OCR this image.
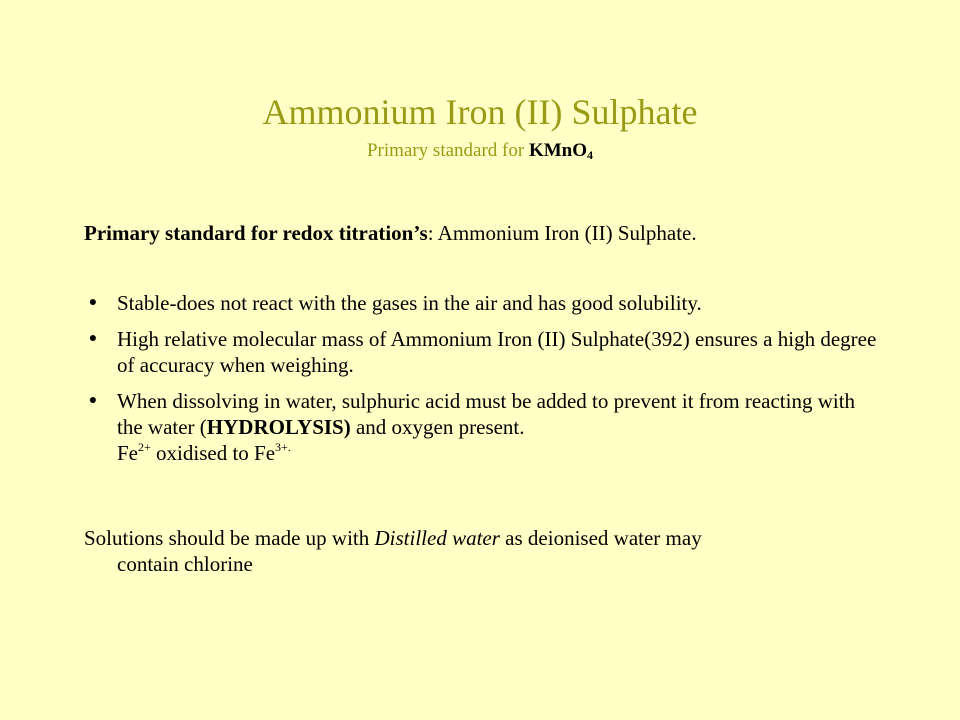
Ammonium Iron (II) Sulphate
Primary standard for KMnO$_4$
Primary standard for redox titration’s: Ammonium Iron (II) Sulphate.
● Stable-does not react with the gases in the air and has good solubility.
● High relative molecular mass of Ammonium Iron (II) Sulphate(392) ensures a high degree of accuracy when weighing.
● When dissolving in water, sulphuric acid must be added to prevent it from reacting with the water (HYDROLYSIS) and oxygen present.
$Fe^{2+}$ oxidised to $Fe^{3+.}$
Solutions should be made up with Distilled water as deionised water may
contain chlorine
